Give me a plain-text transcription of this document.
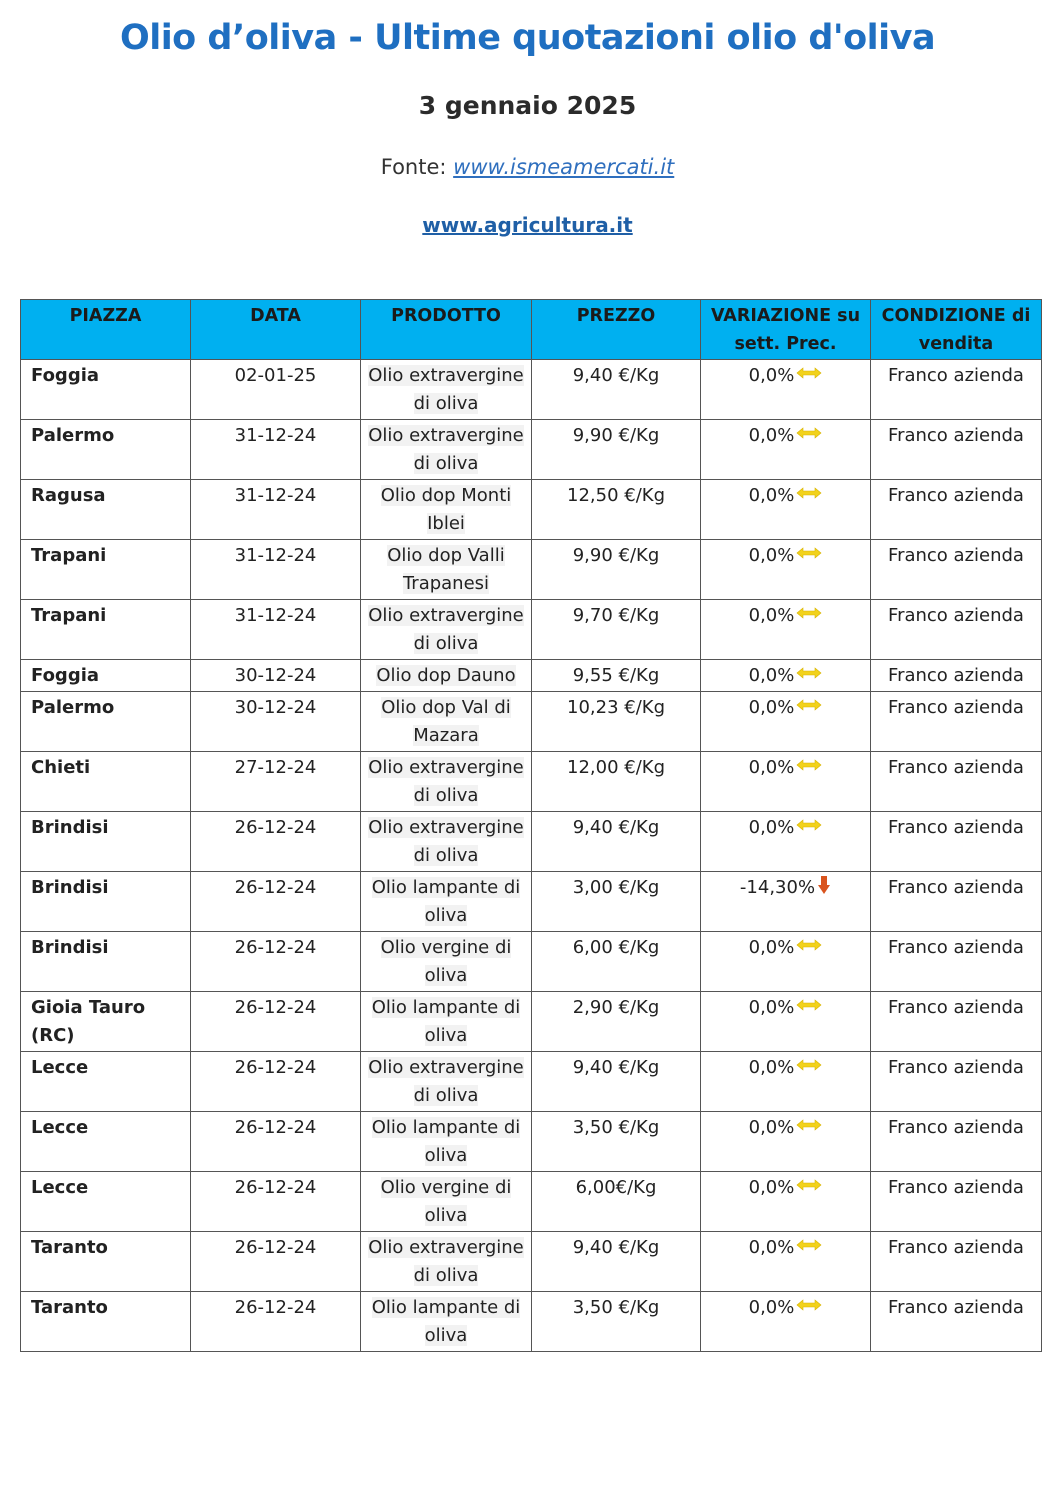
Olio d’oliva - Ultime quotazioni olio d'oliva
3 gennaio 2025
Fonte: www.ismeamercati.it
www.agricultura.it
PIAZZA	DATA	PRODOTTO	PREZZO	VARIAZIONE su sett. Prec.	CONDIZIONE di vendita
Foggia	02-01-25	Olio extravergine di oliva	9,40 €/Kg	0,0%	Franco azienda
Palermo	31-12-24	Olio extravergine di oliva	9,90 €/Kg	0,0%	Franco azienda
Ragusa	31-12-24	Olio dop Monti Iblei	12,50 €/Kg	0,0%	Franco azienda
Trapani	31-12-24	Olio dop Valli Trapanesi	9,90 €/Kg	0,0%	Franco azienda
Trapani	31-12-24	Olio extravergine di oliva	9,70 €/Kg	0,0%	Franco azienda
Foggia	30-12-24	Olio dop Dauno	9,55 €/Kg	0,0%	Franco azienda
Palermo	30-12-24	Olio dop Val di Mazara	10,23 €/Kg	0,0%	Franco azienda
Chieti	27-12-24	Olio extravergine di oliva	12,00 €/Kg	0,0%	Franco azienda
Brindisi	26-12-24	Olio extravergine di oliva	9,40 €/Kg	0,0%	Franco azienda
Brindisi	26-12-24	Olio lampante di oliva	3,00 €/Kg	-14,30%	Franco azienda
Brindisi	26-12-24	Olio vergine di oliva	6,00 €/Kg	0,0%	Franco azienda
Gioia Tauro (RC)	26-12-24	Olio lampante di oliva	2,90 €/Kg	0,0%	Franco azienda
Lecce	26-12-24	Olio extravergine di oliva	9,40 €/Kg	0,0%	Franco azienda
Lecce	26-12-24	Olio lampante di oliva	3,50 €/Kg	0,0%	Franco azienda
Lecce	26-12-24	Olio vergine di oliva	6,00€/Kg	0,0%	Franco azienda
Taranto	26-12-24	Olio extravergine di oliva	9,40 €/Kg	0,0%	Franco azienda
Taranto	26-12-24	Olio lampante di oliva	3,50 €/Kg	0,0%	Franco azienda
